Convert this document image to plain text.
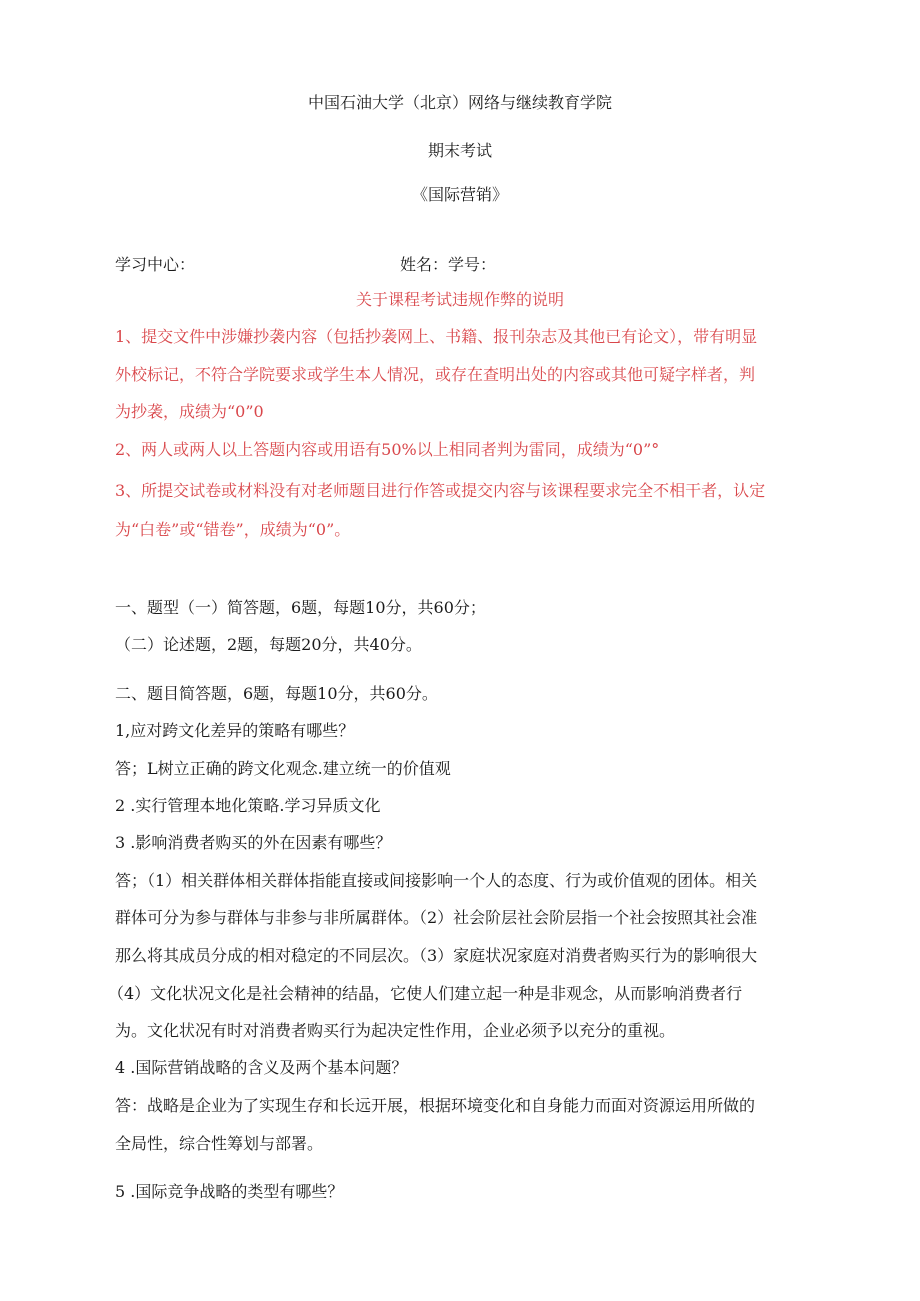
中国石油大学（北京）网络与继续教育学院
期末考试
《国际营销》
学习中心：	姓名：学号：
关于课程考试违规作弊的说明
1、提交文件中涉嫌抄袭内容（包括抄袭网上、书籍、报刊杂志及其他已有论文），带有明显
外校标记，不符合学院要求或学生本人情况，或存在查明出处的内容或其他可疑字样者，判
为抄袭，成绩为“0”0
2、两人或两人以上答题内容或用语有50%以上相同者判为雷同，成绩为“0”°
3、所提交试卷或材料没有对老师题目进行作答或提交内容与该课程要求完全不相干者，认定
为“白卷”或“错卷”，成绩为“0”。
一、题型（一）简答题，6题，每题10分，共60分；
（二）论述题，2题，每题20分，共40分。
二、题目简答题，6题，每题10分，共60分。
1,应对跨文化差异的策略有哪些？
答；L树立正确的跨文化观念.建立统一的价值观
2 .实行管理本地化策略.学习异质文化
3 .影响消费者购买的外在因素有哪些？
答；（1）相关群体相关群体指能直接或间接影响一个人的态度、行为或价值观的团体。相关
群体可分为参与群体与非参与非所属群体。（2）社会阶层社会阶层指一个社会按照其社会准
那么将其成员分成的相对稳定的不同层次。（3）家庭状况家庭对消费者购买行为的影响很大
（4）文化状况文化是社会精神的结晶，它使人们建立起一种是非观念，从而影响消费者行
为。文化状况有时对消费者购买行为起决定性作用，企业必须予以充分的重视。
4 .国际营销战略的含义及两个基本问题？
答：战略是企业为了实现生存和长远开展，根据环境变化和自身能力而面对资源运用所做的
全局性，综合性筹划与部署。
5 .国际竞争战略的类型有哪些？
